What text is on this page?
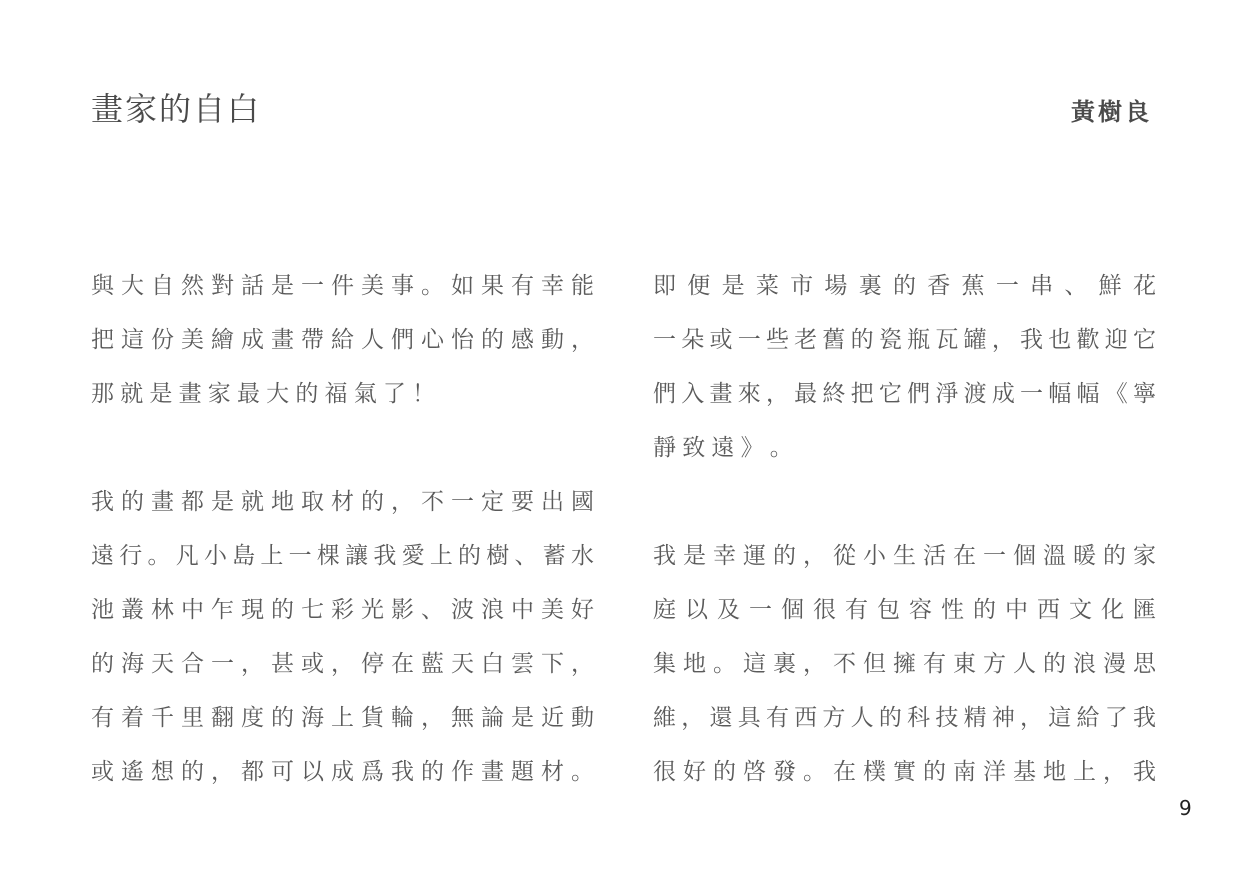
畫家的自白	黃樹良
與 大 自 然 對 話 是 一 件 美 事 。 如 果 有 幸 能
把 這 份 美 繪 成 畫 帶 給 人 們 心 怡 的 感 動 ，
那 就 是 畫 家 最 大 的 福 氣 了 ！
我 的 畫 都 是 就 地 取 材 的 ， 不 一 定 要 出 國
遠 行 。 凡 小 島 上 一 棵 讓 我 愛 上 的 樹 、 蓄 水
池 叢 林 中 乍 現 的 七 彩 光 影 、 波 浪 中 美 好
的 海 天 合 一 ， 甚 或 ， 停 在 藍 天 白 雲 下 ，
有 着 千 里 翻 度 的 海 上 貨 輪 ， 無 論 是 近 動
或 遙 想 的 ， 都 可 以 成 爲 我 的 作 畫 題 材 。
即 便 是 菜 市 場 裏 的 香 蕉 一 串 、 鮮 花
一 朵 或 一 些 老 舊 的 瓷 瓶 瓦 罐 ， 我 也 歡 迎 它
們 入 畫 來 ， 最 終 把 它 們 淨 渡 成 一 幅 幅 《 寧
靜 致 遠 》 。
我 是 幸 運 的 ， 從 小 生 活 在 一 個 溫 暖 的 家
庭 以 及 一 個 很 有 包 容 性 的 中 西 文 化 匯
集 地 。 這 裏 ， 不 但 擁 有 東 方 人 的 浪 漫 思
維 ， 還 具 有 西 方 人 的 科 技 精 神 ， 這 給 了 我
很 好 的 啓 發 。 在 樸 實 的 南 洋 基 地 上 ， 我
9
